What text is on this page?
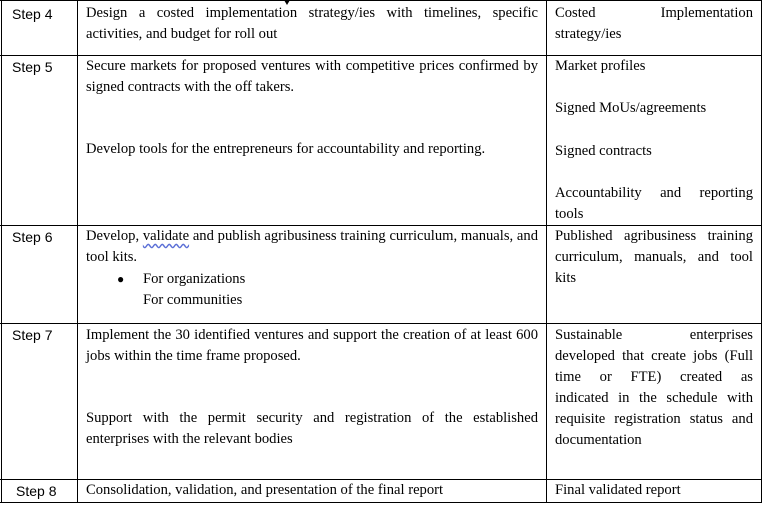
Step 4 Design a costed implementation strategy/ies with timelines, specific activities, and budget for roll out
Costed Implementation
strategy/ies
Step 5 Secure markets for proposed ventures with competitive prices confirmed by signed contracts with the off takers.
Develop tools for the entrepreneurs for accountability and reporting.
Market profiles
Signed MoUs/agreements
Signed contracts
Accountability and reporting
tools
Step 6 Develop, validate and publish agribusiness training curriculum, manuals, and tool kits.
● For organizations
For communities
Published agribusiness training curriculum, manuals, and tool kits
Step 7 Implement the 30 identified ventures and support the creation of at least 600 jobs within the time frame proposed.
Support with the permit security and registration of the established enterprises with the relevant bodies
Sustainable enterprises
developed that create jobs (Full
time or FTE) created as
indicated in the schedule with
requisite registration status and
documentation
Step 8 Consolidation, validation, and presentation of the final report	Final validated report
